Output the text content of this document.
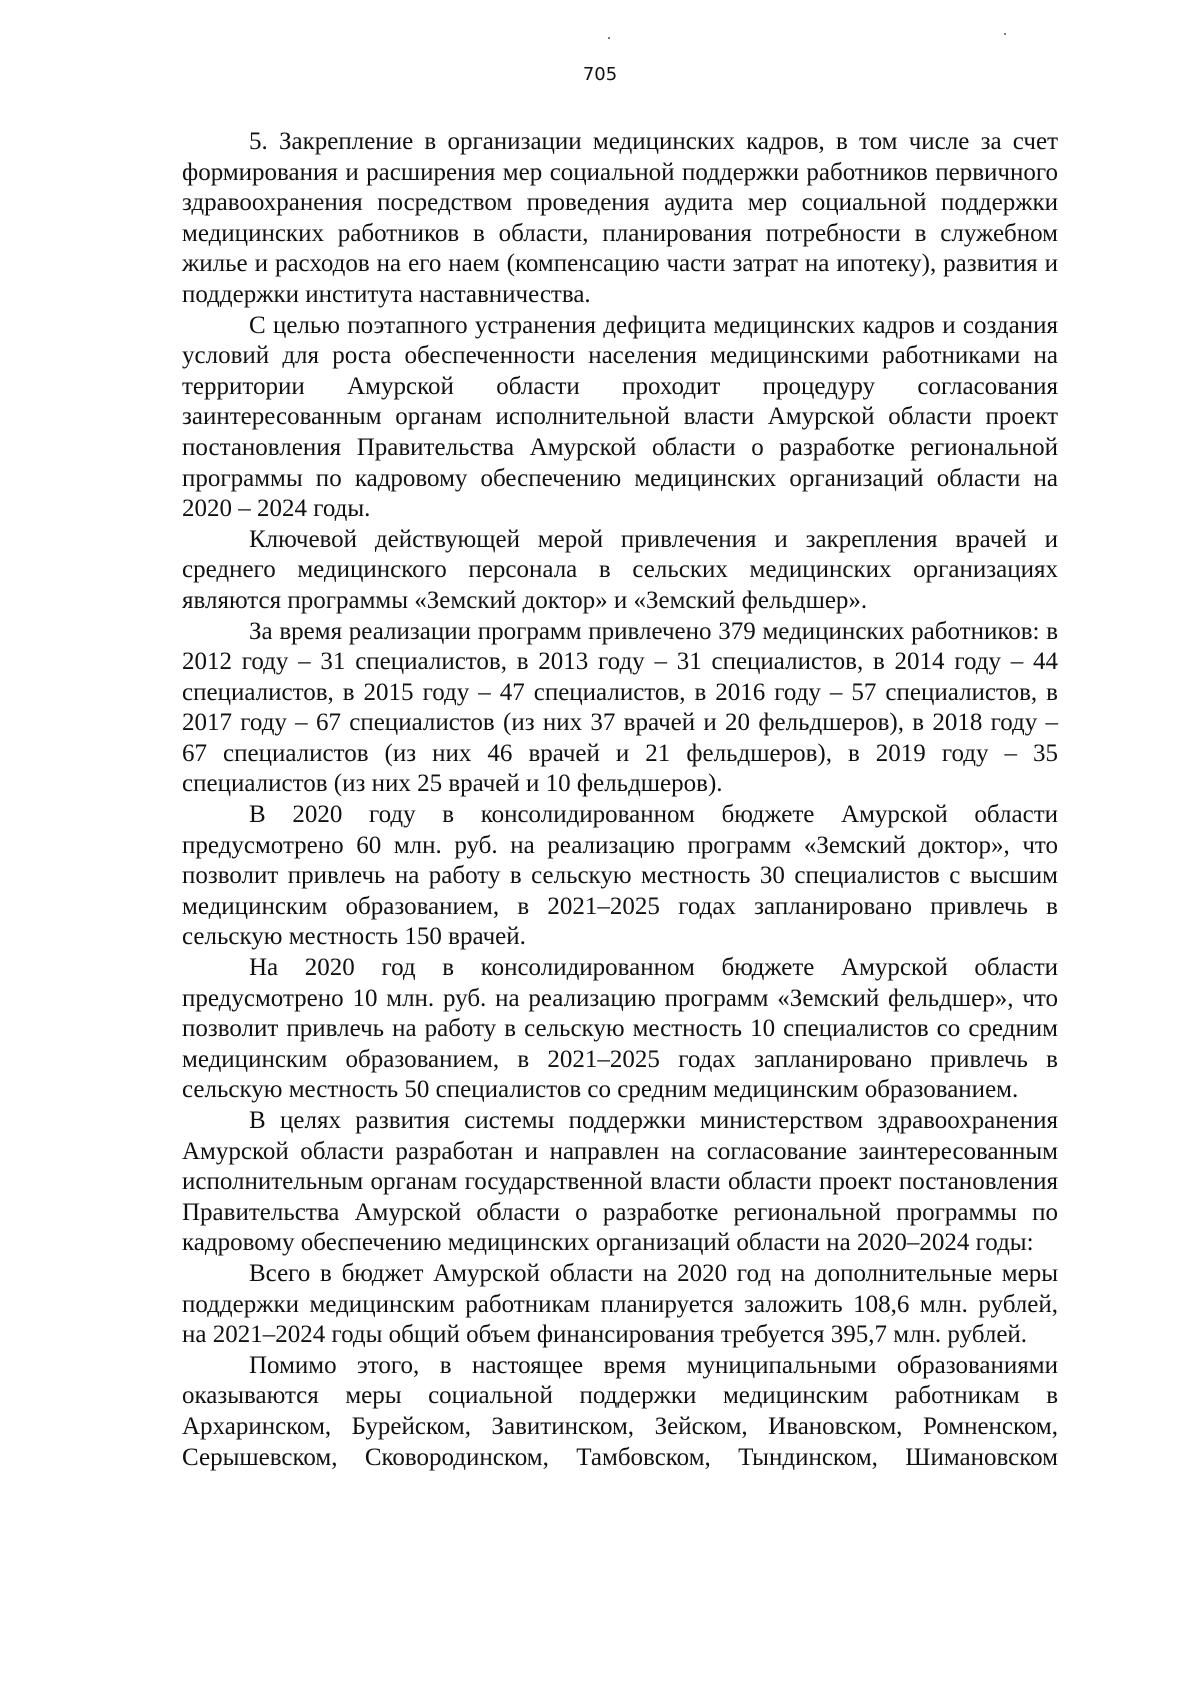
705

5. Закрепление в организации медицинских кадров, в том числе за счет формирования и расширения мер социальной поддержки работников первичного здравоохранения посредством проведения аудита мер социальной поддержки медицинских работников в области, планирования потребности в служебном жилье и расходов на его наем (компенсацию части затрат на ипотеку), развития и поддержки института наставничества.

С целью поэтапного устранения дефицита медицинских кадров и создания условий для роста обеспеченности населения медицинскими работниками на территории Амурской области проходит процедуру согласования заинтересованным органам исполнительной власти Амурской области проект постановления Правительства Амурской области о разработке региональной программы по кадровому обеспечению медицинских организаций области на 2020 – 2024 годы.

Ключевой действующей мерой привлечения и закрепления врачей и среднего медицинского персонала в сельских медицинских организациях являются программы «Земский доктор» и «Земский фельдшер».

За время реализации программ привлечено 379 медицинских работников: в 2012 году – 31 специалистов, в 2013 году – 31 специалистов, в 2014 году – 44 специалистов, в 2015 году – 47 специалистов, в 2016 году – 57 специалистов, в 2017 году – 67 специалистов (из них 37 врачей и 20 фельдшеров), в 2018 году – 67 специалистов (из них 46 врачей и 21 фельдшеров), в 2019 году – 35 специалистов (из них 25 врачей и 10 фельдшеров).

В 2020 году в консолидированном бюджете Амурской области предусмотрено 60 млн. руб. на реализацию программ «Земский доктор», что позволит привлечь на работу в сельскую местность 30 специалистов с высшим медицинским образованием, в 2021–2025 годах запланировано привлечь в сельскую местность 150 врачей.

На 2020 год в консолидированном бюджете Амурской области предусмотрено 10 млн. руб. на реализацию программ «Земский фельдшер», что позволит привлечь на работу в сельскую местность 10 специалистов со средним медицинским образованием, в 2021–2025 годах запланировано привлечь в сельскую местность 50 специалистов со средним медицинским образованием.

В целях развития системы поддержки министерством здравоохранения Амурской области разработан и направлен на согласование заинтересованным исполнительным органам государственной власти области проект постановления Правительства Амурской области о разработке региональной программы по кадровому обеспечению медицинских организаций области на 2020–2024 годы:

Всего в бюджет Амурской области на 2020 год на дополнительные меры поддержки медицинским работникам планируется заложить 108,6 млн. рублей, на 2021–2024 годы общий объем финансирования требуется 395,7 млн. рублей.

Помимо этого, в настоящее время муниципальными образованиями оказываются меры социальной поддержки медицинским работникам в Архаринском, Бурейском, Завитинском, Зейском, Ивановском, Ромненском, Серышевском, Сковородинском, Тамбовском, Тындинском, Шимановском
